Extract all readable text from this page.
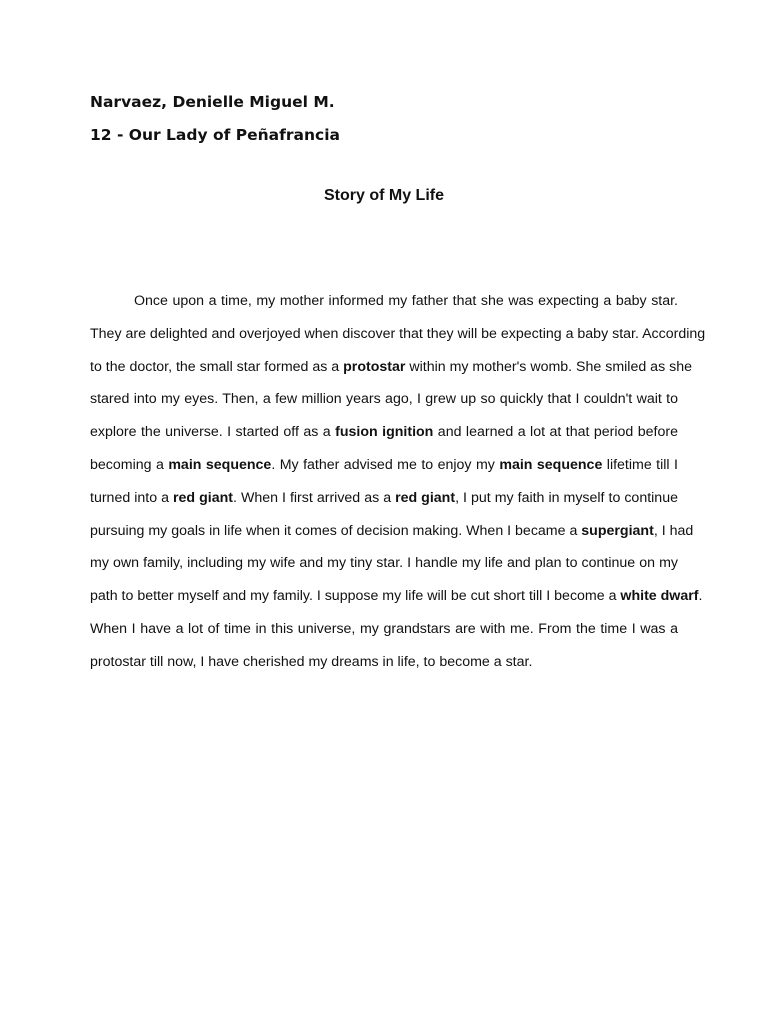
Narvaez, Denielle Miguel M.
12 - Our Lady of Peñafrancia
Story of My Life
Once upon a time, my mother informed my father that she was expecting a baby star.
They are delighted and overjoyed when discover that they will be expecting a baby star. According
to the doctor, the small star formed as a protostar within my mother's womb. She smiled as she
stared into my eyes. Then, a few million years ago, I grew up so quickly that I couldn't wait to
explore the universe. I started off as a fusion ignition and learned a lot at that period before
becoming a main sequence. My father advised me to enjoy my main sequence lifetime till I
turned into a red giant. When I first arrived as a red giant, I put my faith in myself to continue
pursuing my goals in life when it comes of decision making. When I became a supergiant, I had
my own family, including my wife and my tiny star. I handle my life and plan to continue on my
path to better myself and my family. I suppose my life will be cut short till I become a white dwarf.
When I have a lot of time in this universe, my grandstars are with me. From the time I was a
protostar till now, I have cherished my dreams in life, to become a star.
